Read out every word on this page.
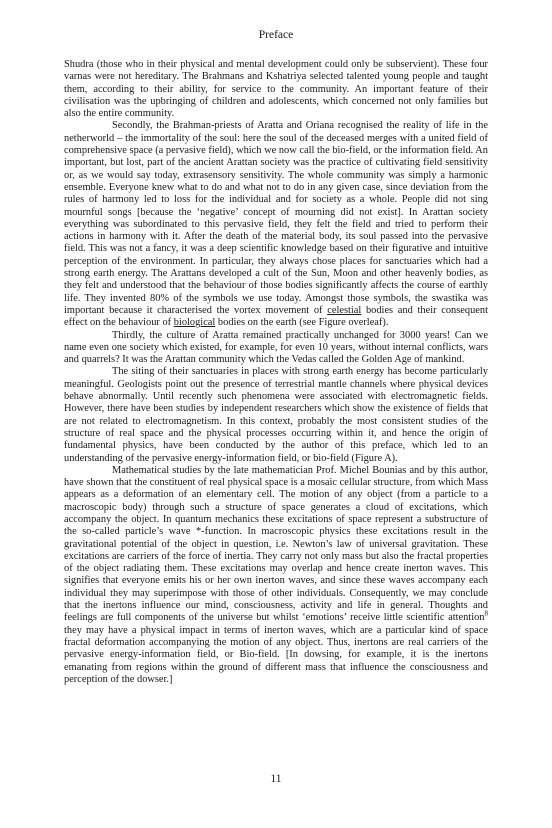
Preface

Shudra (those who in their physical and mental development could only be subservient). These four varnas were not hereditary. The Brahmans and Kshatriya selected talented young people and taught them, according to their ability, for service to the community. An important feature of their civilisation was the upbringing of children and adolescents, which concerned not only families but also the entire community.

Secondly, the Brahman-priests of Aratta and Oriana recognised the reality of life in the netherworld – the immortality of the soul: here the soul of the deceased merges with a united field of comprehensive space (a pervasive field), which we now call the bio-field, or the information field. An important, but lost, part of the ancient Arattan society was the practice of cultivating field sensitivity or, as we would say today, extrasensory sensitivity. The whole community was simply a harmonic ensemble. Everyone knew what to do and what not to do in any given case, since deviation from the rules of harmony led to loss for the individual and for society as a whole. People did not sing mournful songs [because the ‘negative’ concept of mourning did not exist]. In Arattan society everything was subordinated to this pervasive field, they felt the field and tried to perform their actions in harmony with it. After the death of the material body, its soul passed into the pervasive field. This was not a fancy, it was a deep scientific knowledge based on their figurative and intuitive perception of the environment. In particular, they always chose places for sanctuaries which had a strong earth energy. The Arattans developed a cult of the Sun, Moon and other heavenly bodies, as they felt and understood that the behaviour of those bodies significantly affects the course of earthly life. They invented 80% of the symbols we use today. Amongst those symbols, the swastika was important because it characterised the vortex movement of celestial bodies and their consequent effect on the behaviour of biological bodies on the earth (see Figure overleaf).

Thirdly, the culture of Aratta remained practically unchanged for 3000 years! Can we name even one society which existed, for example, for even 10 years, without internal conflicts, wars and quarrels? It was the Arattan community which the Vedas called the Golden Age of mankind.

The siting of their sanctuaries in places with strong earth energy has become particularly meaningful. Geologists point out the presence of terrestrial mantle channels where physical devices behave abnormally. Until recently such phenomena were associated with electromagnetic fields. However, there have been studies by independent researchers which show the existence of fields that are not related to electromagnetism. In this context, probably the most consistent studies of the structure of real space and the physical processes occurring within it, and hence the origin of fundamental physics, have been conducted by the author of this preface, which led to an understanding of the pervasive energy-information field, or bio-field (Figure A).

Mathematical studies by the late mathematician Prof. Michel Bounias and by this author, have shown that the constituent of real physical space is a mosaic cellular structure, from which Mass appears as a deformation of an elementary cell. The motion of any object (from a particle to a macroscopic body) through such a structure of space generates a cloud of excitations, which accompany the object. In quantum mechanics these excitations of space represent a substructure of the so-called particle’s wave *-function. In macroscopic physics these excitations result in the gravitational potential of the object in question, i.e. Newton’s law of universal gravitation. These excitations are carriers of the force of inertia. They carry not only mass but also the fractal properties of the object radiating them. These excitations may overlap and hence create inerton waves. This signifies that everyone emits his or her own inerton waves, and since these waves accompany each individual they may superimpose with those of other individuals. Consequently, we may conclude that the inertons influence our mind, consciousness, activity and life in general. Thoughts and feelings are full components of the universe but whilst ‘emotions’ receive little scientific attention$^8$ they may have a physical impact in terms of inerton waves, which are a particular kind of space fractal deformation accompanying the motion of any object. Thus, inertons are real carriers of the pervasive energy-information field, or Bio-field. [In dowsing, for example, it is the inertons emanating from regions within the ground of different mass that influence the consciousness and perception of the dowser.]

11
